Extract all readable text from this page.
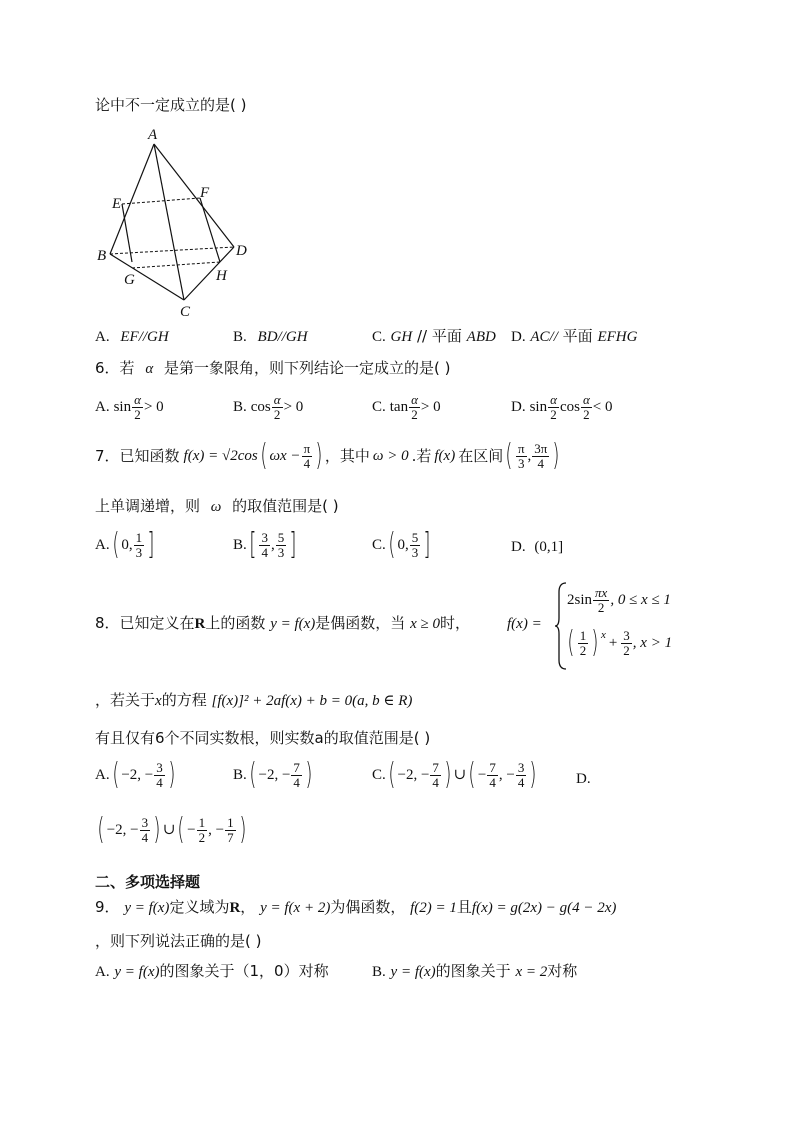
论中不一定成立的是( )
A
E
F
B	D
G	H
C
A. EF//GH	B. BD//GH	C. GH // 平面 ABD D. AC// 平面 EFHG
6．若 α 是第一象限角，则下列结论一定成立的是( )
A. $\sin \frac{\alpha}{2} > 0$	B. $\cos \frac{\alpha}{2} > 0$	C. $\tan \frac{\alpha}{2} > 0$	D. $\sin \frac{\alpha}{2}$ $\cos \frac{\alpha}{2} < 0$
7．已知函数 f(x) = √2cos ( $\omega x - \frac{\pi}{4}$ ) ，其中 ω > 0 .若 f(x) 在区间 ( $\frac{\pi}{3}$ , $\frac{3\pi}{4}$ )
上单调递增，则 ω 的取值范围是( )
A. ( 0, $\frac{1}{3}$ ]	B. [ $\frac{3}{4}$ , $\frac{5}{3}$ ]	C. ( 0, $\frac{5}{3}$ ]	D. (0,1]
8．已知定义在R上的函数 y = f(x)是偶函数，当 x ≥ 0时， f(x) =
$2\sin \frac{\pi x}{2}$ , 0 ≤ x ≤ 1
( $\frac{1}{2}$ ) $x + \frac{3}{2}$ , x > 1
，若关于x的方程 [f(x)]² + 2af(x) + b = 0(a, b ∈ R)
有且仅有6个不同实数根，则实数a的取值范围是( )
A. ( −2, − $\frac{3}{4}$ )	B. ( −2, − $\frac{7}{4}$ )	C. ( −2, − $\frac{7}{4}$ ) ∪ ( − $\frac{7}{4}$ , − $\frac{3}{4}$ )	D.
( −2, − $\frac{3}{4}$ ) ∪ ( − $\frac{1}{2}$ , − $\frac{1}{7}$ )
二、多项选择题
9． y = f(x)定义域为R， y = f(x + 2)为偶函数， f(2) = 1且f(x) = g(2x) − g(4 − 2x)
，则下列说法正确的是( )
A. y = f(x)的图象关于（1，0）对称	B. y = f(x)的图象关于 x = 2对称
